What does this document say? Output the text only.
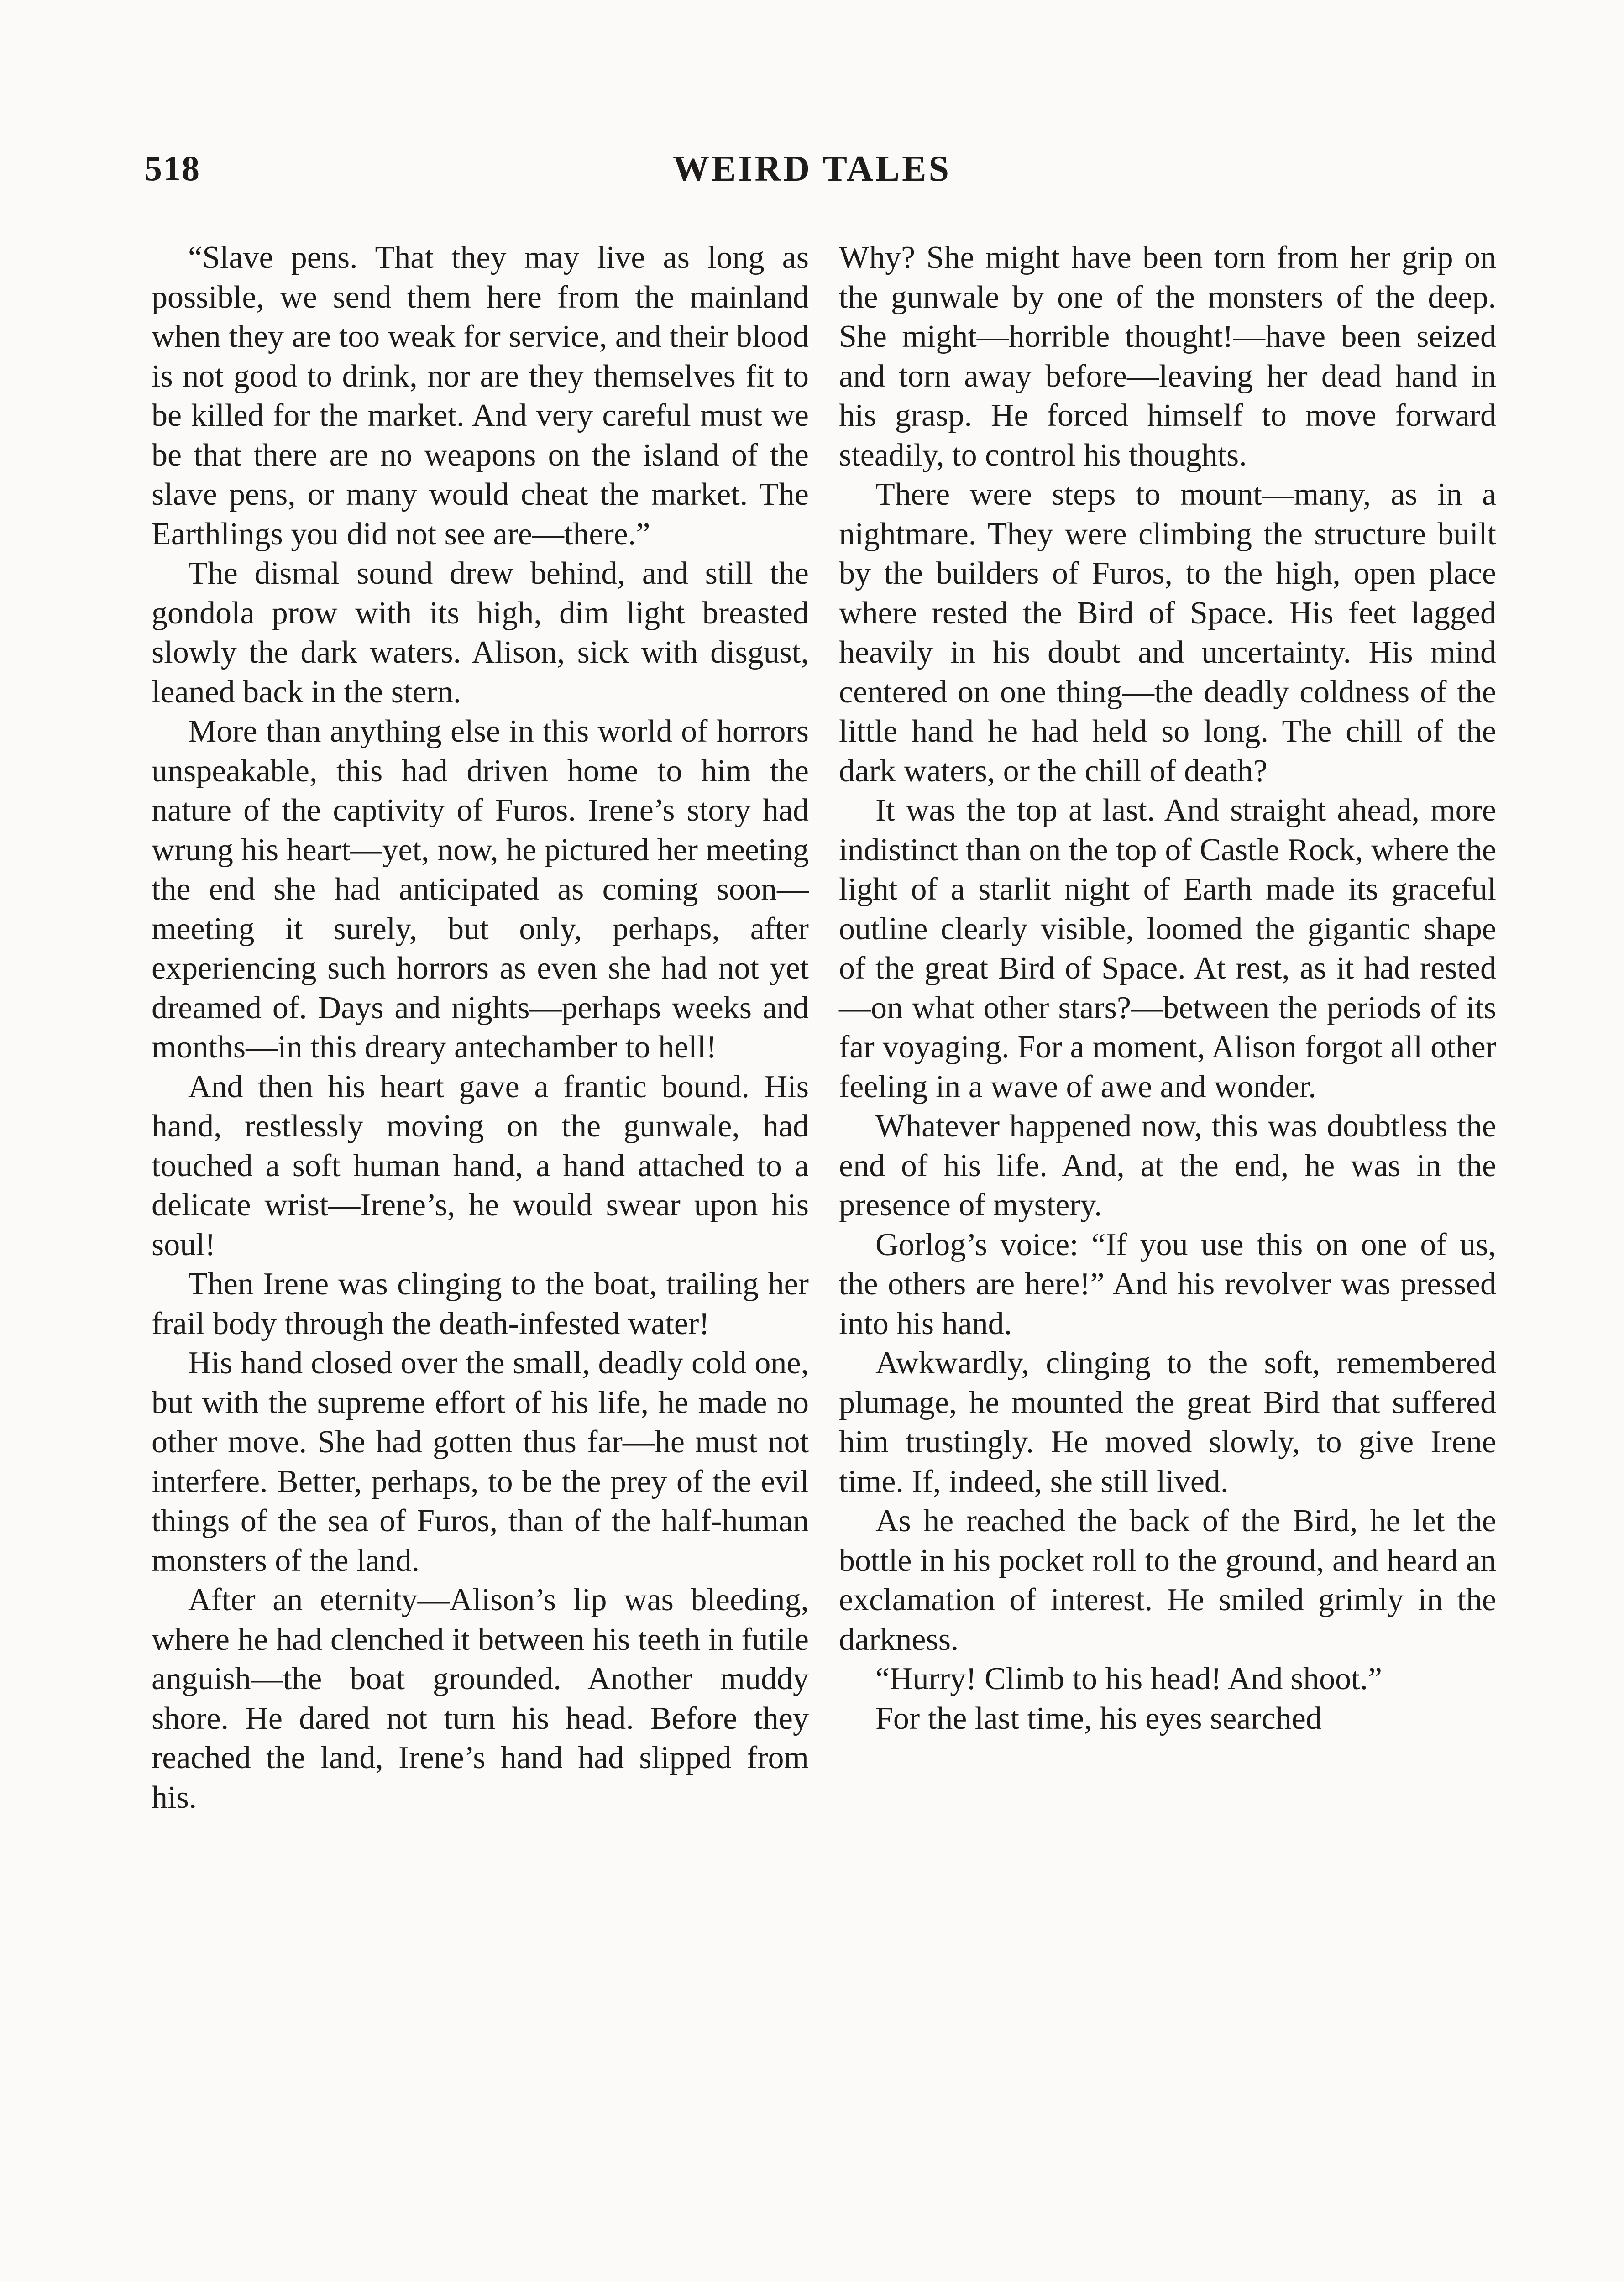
518	WEIRD TALES

“Slave pens. That they may live as long as possible, we send them here from the mainland when they are too weak for service, and their blood is not good to drink, nor are they themselves fit to be killed for the market. And very careful must we be that there are no weapons on the island of the slave pens, or many would cheat the market. The Earthlings you did not see are—there.”

The dismal sound drew behind, and still the gondola prow with its high, dim light breasted slowly the dark waters. Alison, sick with disgust, leaned back in the stern.

More than anything else in this world of horrors unspeakable, this had driven home to him the nature of the captivity of Furos. Irene’s story had wrung his heart—yet, now, he pictured her meeting the end she had anticipated as coming soon—meeting it surely, but only, perhaps, after experiencing such horrors as even she had not yet dreamed of. Days and nights—perhaps weeks and months—in this dreary antechamber to hell!

And then his heart gave a frantic bound. His hand, restlessly moving on the gunwale, had touched a soft human hand, a hand attached to a delicate wrist—Irene’s, he would swear upon his soul!

Then Irene was clinging to the boat, trailing her frail body through the death-infested water!

His hand closed over the small, deadly cold one, but with the supreme effort of his life, he made no other move. She had gotten thus far—he must not interfere. Better, perhaps, to be the prey of the evil things of the sea of Furos, than of the half-human monsters of the land.

After an eternity—Alison’s lip was bleeding, where he had clenched it between his teeth in futile anguish—the boat grounded. Another muddy shore. He dared not turn his head. Before they reached the land, Irene’s hand had slipped from his.

Why? She might have been torn from her grip on the gunwale by one of the monsters of the deep. She might—horrible thought!—have been seized and torn away before—leaving her dead hand in his grasp. He forced himself to move forward steadily, to control his thoughts.

There were steps to mount—many, as in a nightmare. They were climbing the structure built by the builders of Furos, to the high, open place where rested the Bird of Space. His feet lagged heavily in his doubt and uncertainty. His mind centered on one thing—the deadly coldness of the little hand he had held so long. The chill of the dark waters, or the chill of death?

It was the top at last. And straight ahead, more indistinct than on the top of Castle Rock, where the light of a starlit night of Earth made its graceful outline clearly visible, loomed the gigantic shape of the great Bird of Space. At rest, as it had rested—on what other stars?—between the periods of its far voyaging. For a moment, Alison forgot all other feeling in a wave of awe and wonder.

Whatever happened now, this was doubtless the end of his life. And, at the end, he was in the presence of mystery.

Gorlog’s voice: “If you use this on one of us, the others are here!” And his revolver was pressed into his hand.

Awkwardly, clinging to the soft, remembered plumage, he mounted the great Bird that suffered him trustingly. He moved slowly, to give Irene time. If, indeed, she still lived.

As he reached the back of the Bird, he let the bottle in his pocket roll to the ground, and heard an exclamation of interest. He smiled grimly in the darkness.

“Hurry! Climb to his head! And shoot.”

For the last time, his eyes searched
